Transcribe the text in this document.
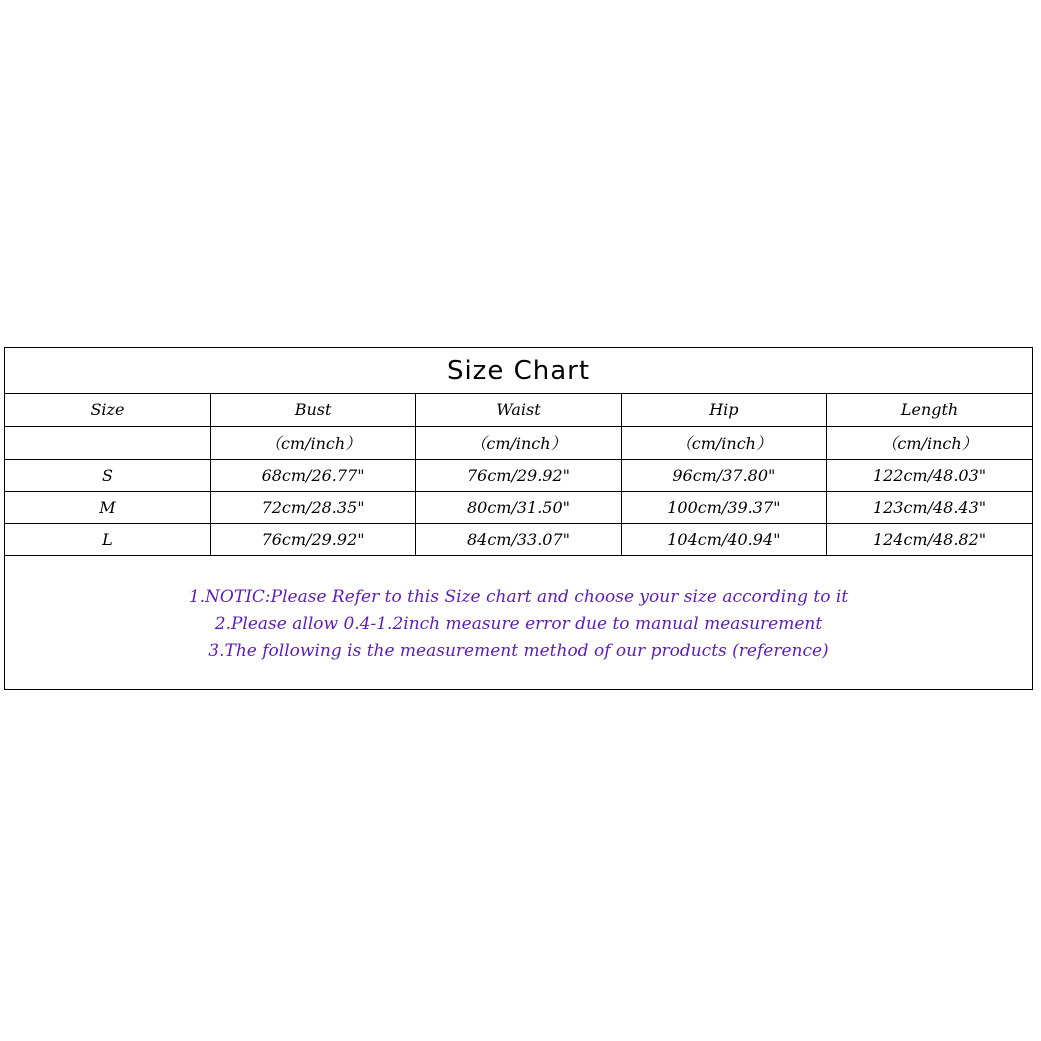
Size Chart
Size	Bust	Waist	Hip	Length
	（cm/inch）	（cm/inch）	（cm/inch）	（cm/inch）
S	68cm/26.77"	76cm/29.92"	96cm/37.80"	122cm/48.03"
M	72cm/28.35"	80cm/31.50"	100cm/39.37"	123cm/48.43"
L	76cm/29.92"	84cm/33.07"	104cm/40.94"	124cm/48.82"
1.NOTIC:Please Refer to this Size chart and choose your size according to it
2.Please allow 0.4-1.2inch measure error due to manual measurement
3.The following is the measurement method of our products (reference)
